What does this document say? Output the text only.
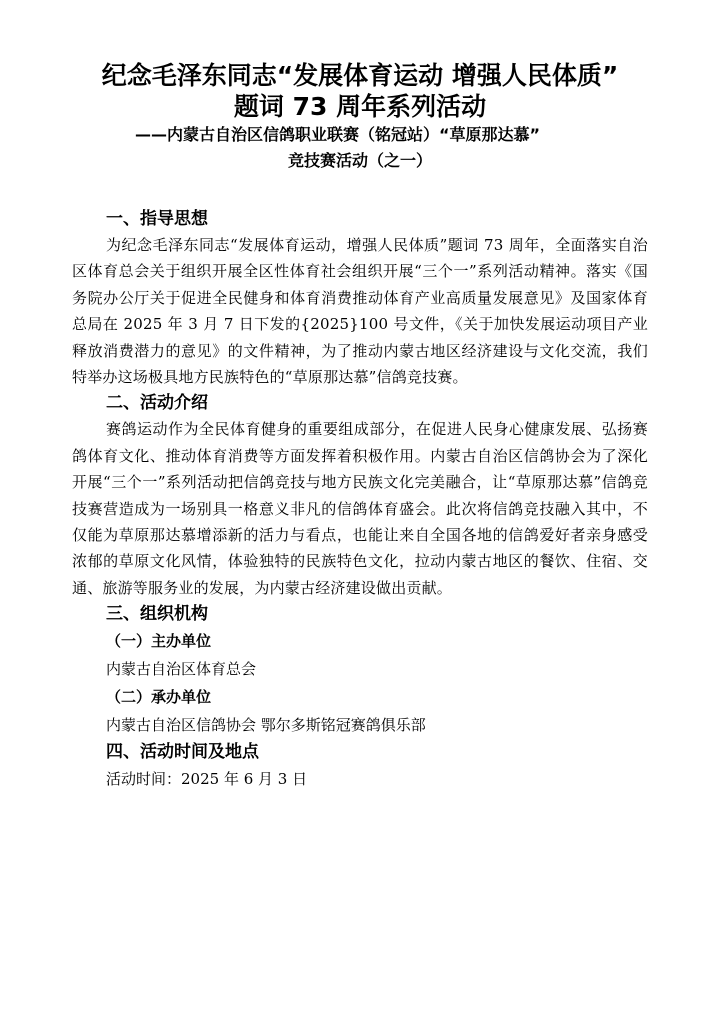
纪念毛泽东同志“发展体育运动 增强人民体质”
题词 73 周年系列活动
——内蒙古自治区信鸽职业联赛（铭冠站）“草原那达慕”
竞技赛活动（之一）
一、指导思想

为纪念毛泽东同志“发展体育运动，增强人民体质”题词 73 周年，全面落实自治区体育总会关于组织开展全区性体育社会组织开展“三个一”系列活动精神。落实《国务院办公厅关于促进全民健身和体育消费推动体育产业高质量发展意见》及国家体育总局在 2025 年 3 月 7 日下发的{2025}100 号文件，《关于加快发展运动项目产业释放消费潜力的意见》的文件精神，为了推动内蒙古地区经济建设与文化交流，我们特举办这场极具地方民族特色的“草原那达慕”信鸽竞技赛。

二、活动介绍

赛鸽运动作为全民体育健身的重要组成部分，在促进人民身心健康发展、弘扬赛鸽体育文化、推动体育消费等方面发挥着积极作用。内蒙古自治区信鸽协会为了深化开展“三个一”系列活动把信鸽竞技与地方民族文化完美融合，让“草原那达慕”信鸽竞技赛营造成为一场别具一格意义非凡的信鸽体育盛会。此次将信鸽竞技融入其中，不仅能为草原那达慕增添新的活力与看点，也能让来自全国各地的信鸽爱好者亲身感受浓郁的草原文化风情，体验独特的民族特色文化，拉动内蒙古地区的餐饮、住宿、交通、旅游等服务业的发展，为内蒙古经济建设做出贡献。

三、组织机构
（一）主办单位
内蒙古自治区体育总会
（二）承办单位
内蒙古自治区信鸽协会 鄂尔多斯铭冠赛鸽俱乐部
四、活动时间及地点
活动时间：2025 年 6 月 3 日
